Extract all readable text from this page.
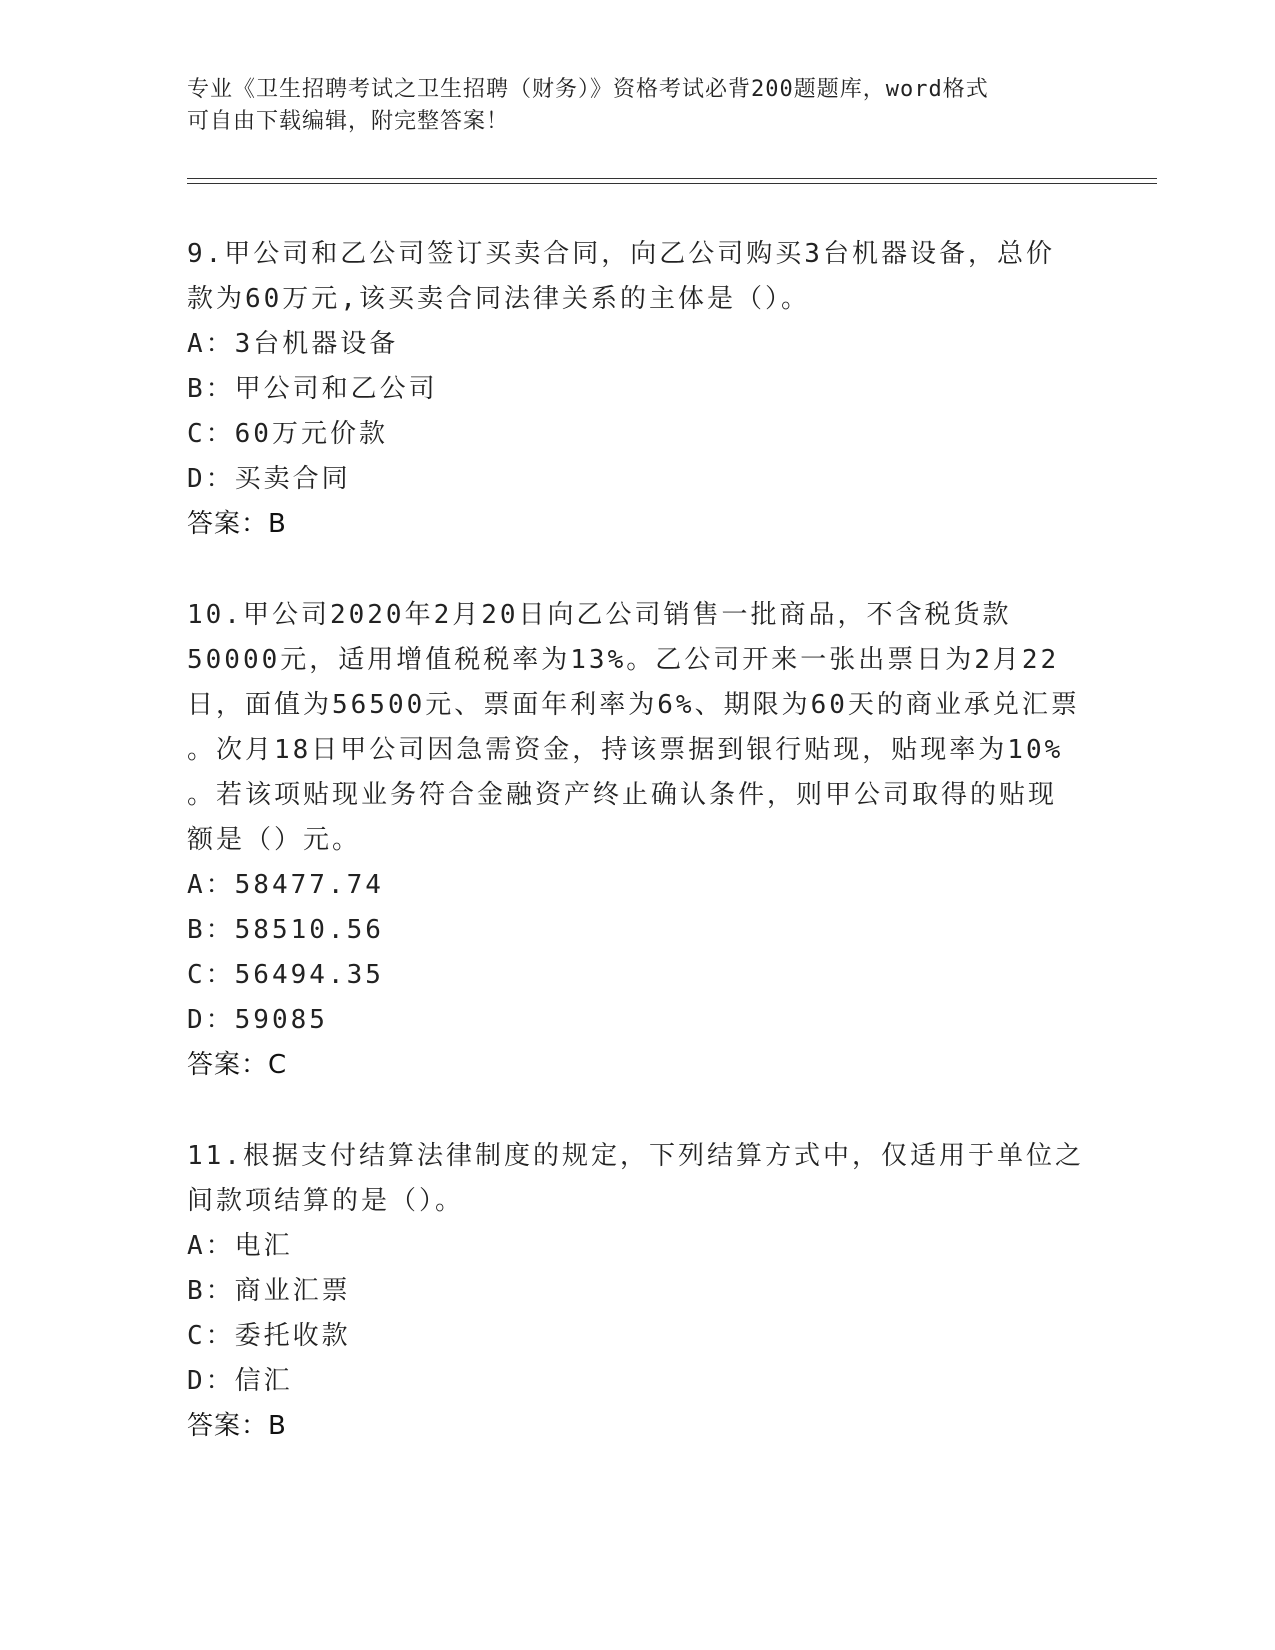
专业《卫生招聘考试之卫生招聘（财务）》资格考试必背200题题库，word格式
可自由下载编辑，附完整答案！
9.甲公司和乙公司签订买卖合同，向乙公司购买3台机器设备，总价
款为60万元,该买卖合同法律关系的主体是（）。
A：3台机器设备
B：甲公司和乙公司
C：60万元价款
D：买卖合同
答案：B
10.甲公司2020年2月20日向乙公司销售一批商品，不含税货款
50000元，适用增值税税率为13%。乙公司开来一张出票日为2月22
日，面值为56500元、票面年利率为6%、期限为60天的商业承兑汇票
。次月18日甲公司因急需资金，持该票据到银行贴现，贴现率为10%
。若该项贴现业务符合金融资产终止确认条件，则甲公司取得的贴现
额是（）元。
A：58477.74
B：58510.56
C：56494.35
D：59085
答案：C
11.根据支付结算法律制度的规定，下列结算方式中，仅适用于单位之
间款项结算的是（）。
A：电汇
B：商业汇票
C：委托收款
D：信汇
答案：B
